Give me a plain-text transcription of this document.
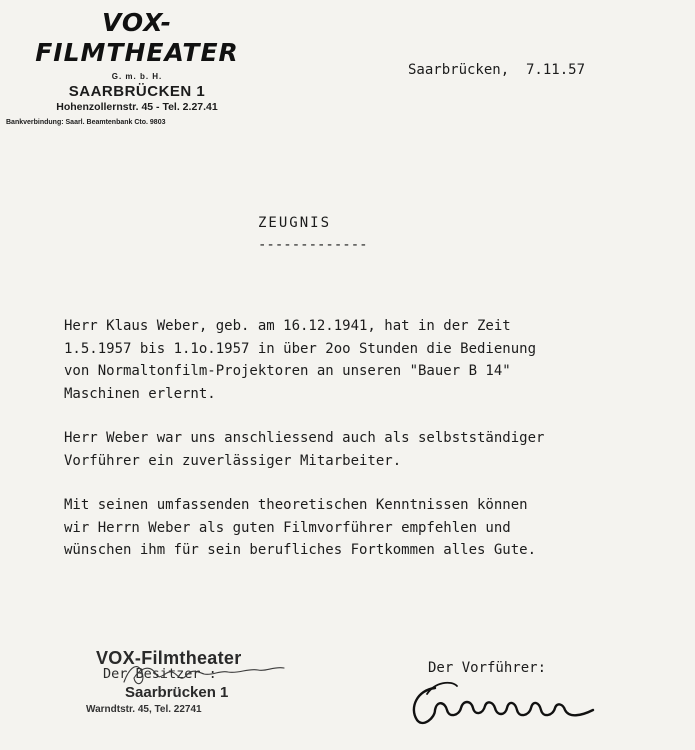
VOX-FILMTHEATER
G. m. b. H.
SAARBRÜCKEN 1
Hohenzollernstr. 45 - Tel. 2.27.41
Bankverbindung: Saarl. Beamtenbank Cto. 9803
Saarbrücken,  7.11.57
ZEUGNIS
-------------

Herr Klaus Weber, geb. am 16.12.1941, hat in der Zeit
1.5.1957 bis 1.1o.1957 in über 2oo Stunden die Bedienung
von Normaltonfilm-Projektoren an unseren "Bauer B 14"
Maschinen erlernt.

Herr Weber war uns anschliessend auch als selbstständiger
Vorführer ein zuverlässiger Mitarbeiter.

Mit seinen umfassenden theoretischen Kenntnissen können
wir Herrn Weber als guten Filmvorführer empfehlen und
wünschen ihm für sein berufliches Fortkommen alles Gute.

VOX-Filmtheater
Der Besitzer :
Saarbrücken 1
Warndtstr. 45, Tel. 22741
Der Vorführer:
